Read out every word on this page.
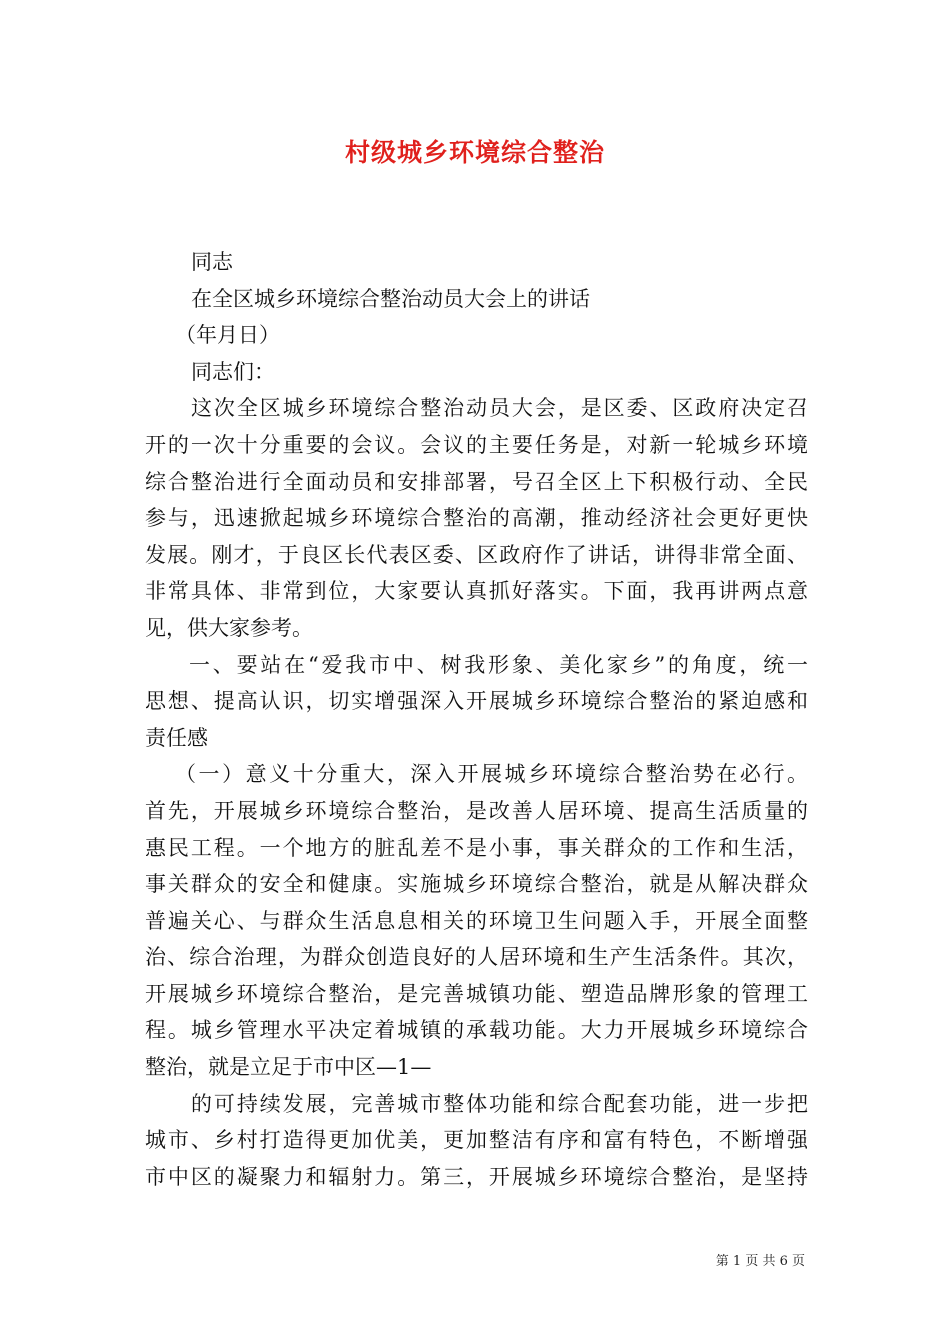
村级城乡环境综合整治
同志
在全区城乡环境综合整治动员大会上的讲话
（年月日）
同志们：
这次全区城乡环境综合整治动员大会，是区委、区政府决定召
开的一次十分重要的会议。会议的主要任务是，对新一轮城乡环境
综合整治进行全面动员和安排部署，号召全区上下积极行动、全民
参与，迅速掀起城乡环境综合整治的高潮，推动经济社会更好更快
发展。刚才，于良区长代表区委、区政府作了讲话，讲得非常全面、
非常具体、非常到位，大家要认真抓好落实。下面，我再讲两点意
见，供大家参考。
一、要站在“爱我市中、树我形象、美化家乡”的角度，统一
思想、提高认识，切实增强深入开展城乡环境综合整治的紧迫感和
责任感
（一）意义十分重大，深入开展城乡环境综合整治势在必行。
首先，开展城乡环境综合整治，是改善人居环境、提高生活质量的
惠民工程。一个地方的脏乱差不是小事，事关群众的工作和生活，
事关群众的安全和健康。实施城乡环境综合整治，就是从解决群众
普遍关心、与群众生活息息相关的环境卫生问题入手，开展全面整
治、综合治理，为群众创造良好的人居环境和生产生活条件。其次，
开展城乡环境综合整治，是完善城镇功能、塑造品牌形象的管理工
程。城乡管理水平决定着城镇的承载功能。大力开展城乡环境综合
整治，就是立足于市中区—1—
的可持续发展，完善城市整体功能和综合配套功能，进一步把
城市、乡村打造得更加优美，更加整洁有序和富有特色，不断增强
市中区的凝聚力和辐射力。第三，开展城乡环境综合整治，是坚持
第 1 页 共 6 页
